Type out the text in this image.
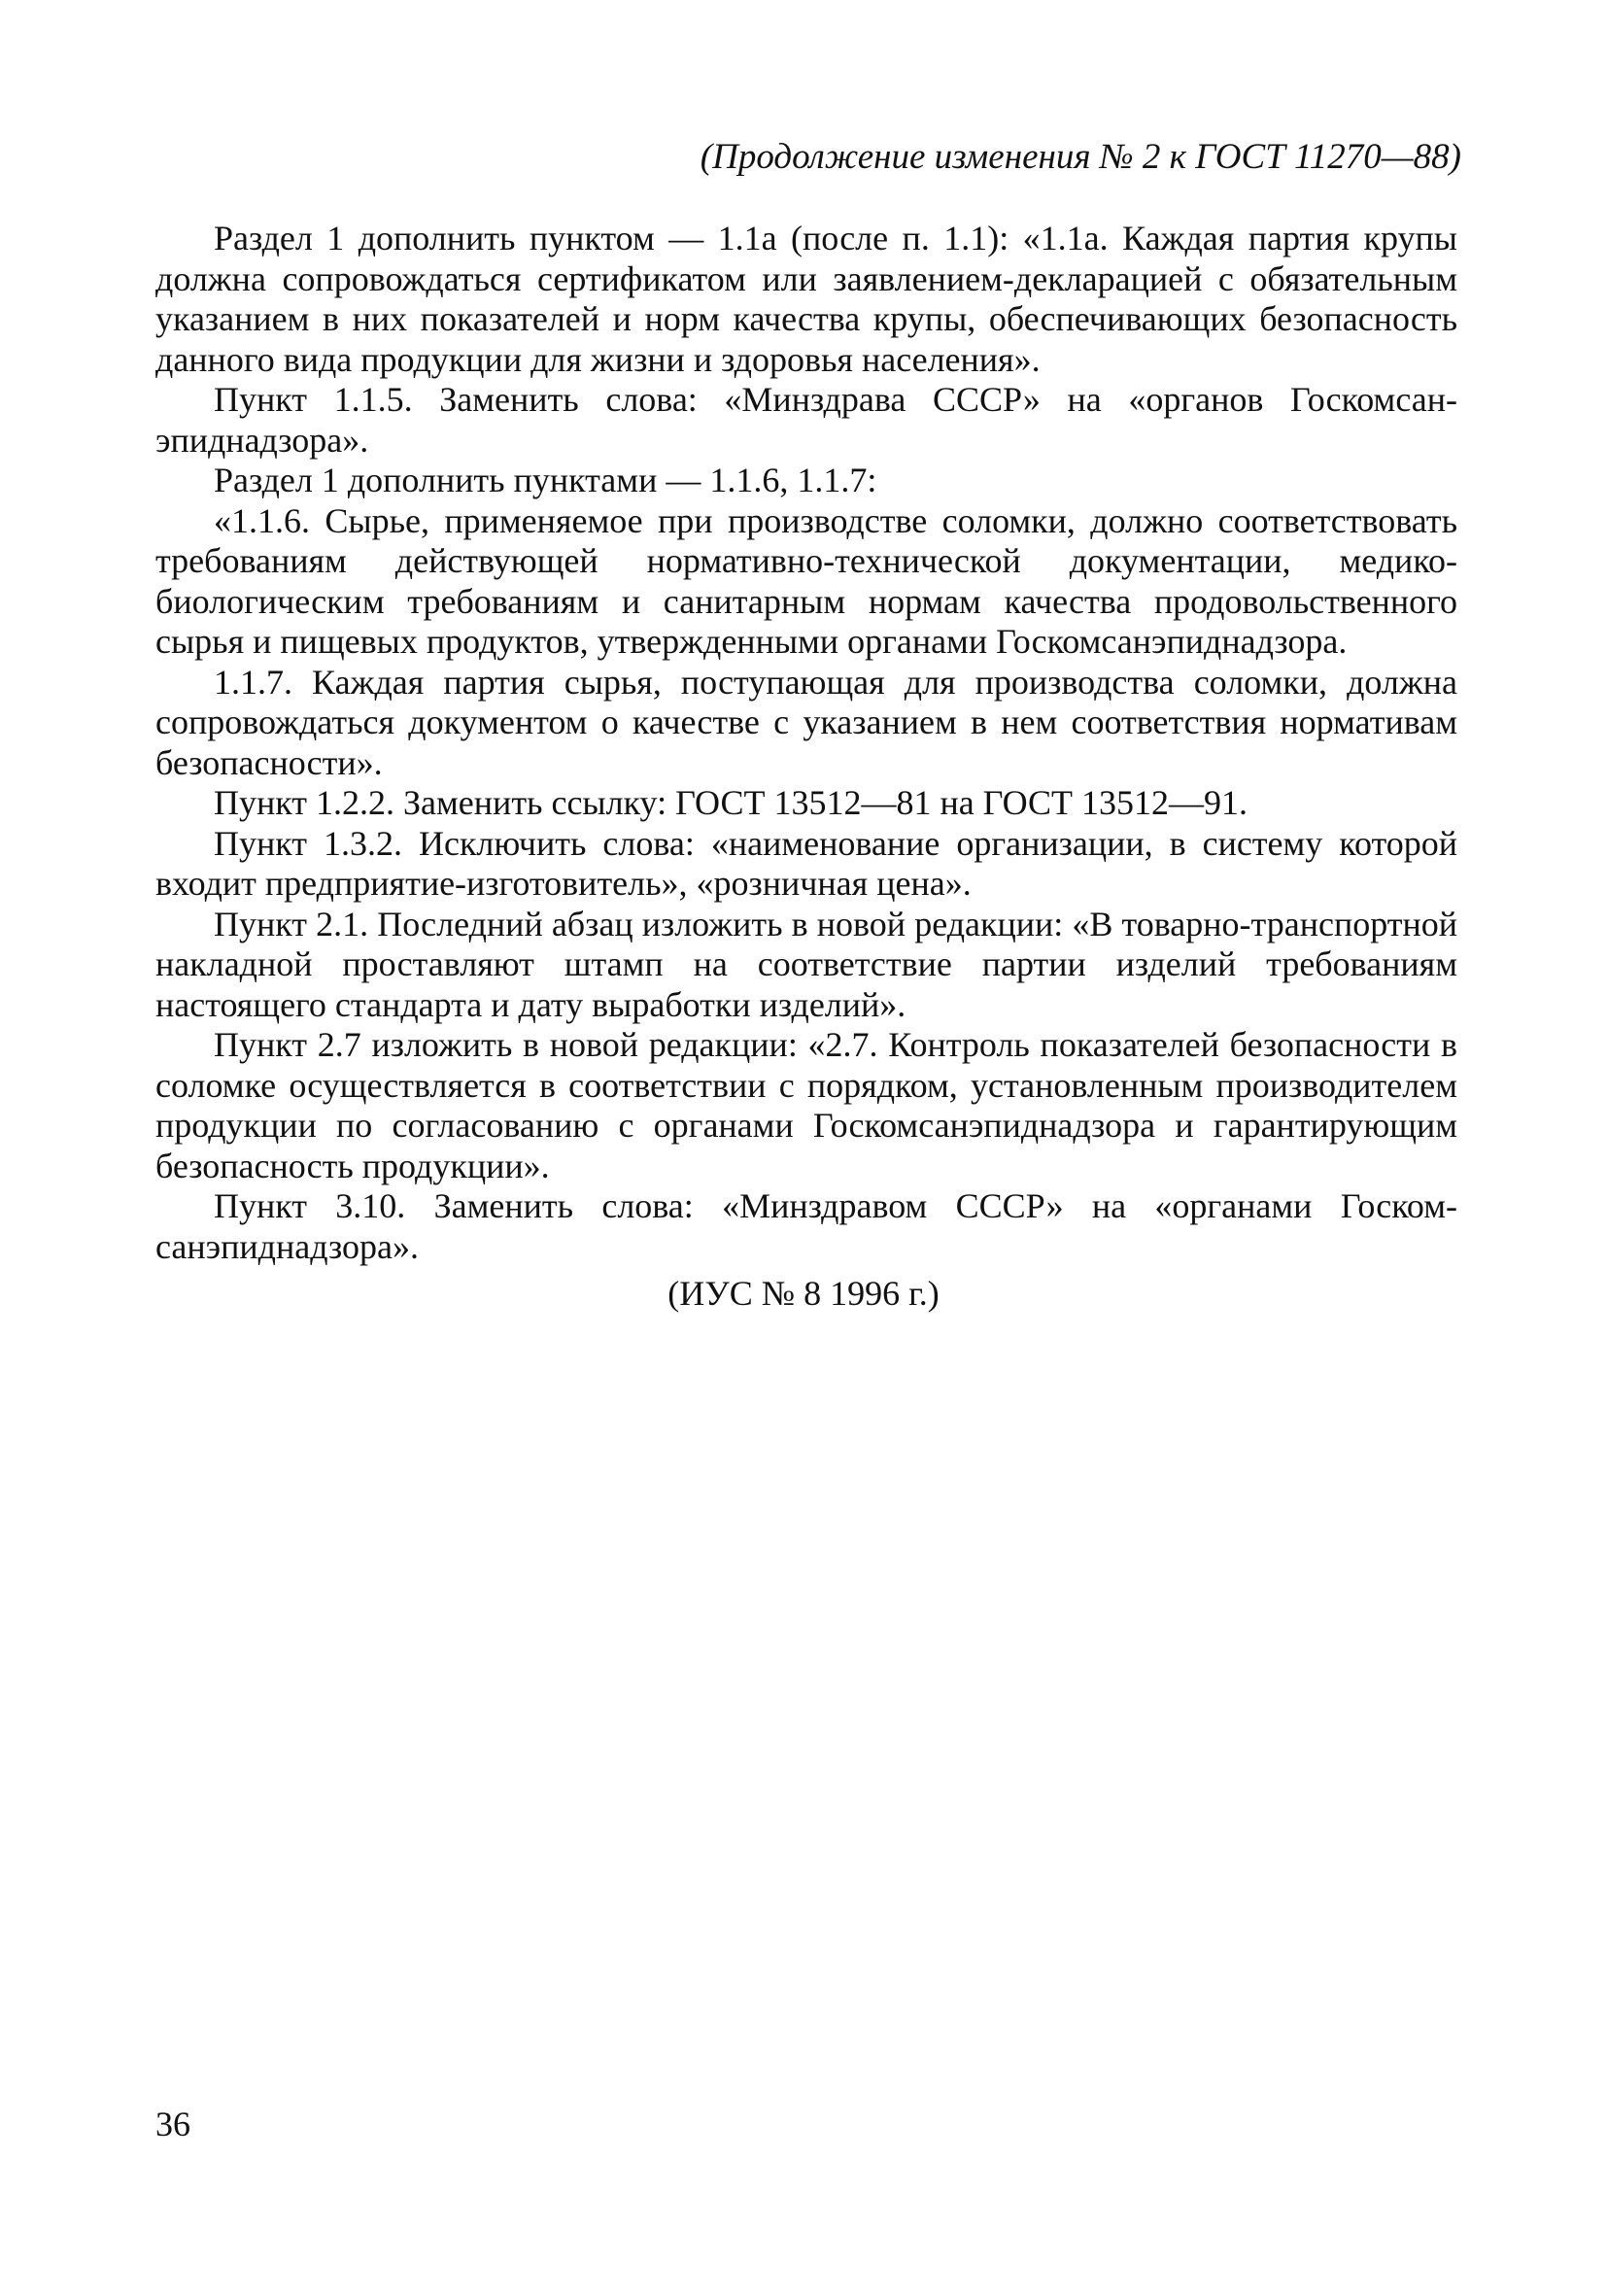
(Продолжение изменения № 2 к ГОСТ 11270—88)

Раздел 1 дополнить пунктом — 1.1а (после п. 1.1): «1.1а. Каждая партия крупы должна сопровождаться сертификатом или заявлением-декларацией с обязательным указанием в них показателей и норм качества крупы, обеспечивающих безопасность данного вида продукции для жизни и здоровья населения».

Пункт 1.1.5. Заменить слова: «Минздрава СССР» на «органов Госкомсанэпиднадзора».

Раздел 1 дополнить пунктами — 1.1.6, 1.1.7:

«1.1.6. Сырье, применяемое при производстве соломки, должно соответствовать требованиям действующей нормативно-технической документации, медикобиологическим требованиям и санитарным нормам качества продовольственного сырья и пищевых продуктов, утвержденными органами Госкомсанэпиднадзора.

1.1.7. Каждая партия сырья, поступающая для производства соломки, должна сопровождаться документом о качестве с указанием в нем соответствия нормативам безопасности».

Пункт 1.2.2. Заменить ссылку: ГОСТ 13512—81 на ГОСТ 13512—91.

Пункт 1.3.2. Исключить слова: «наименование организации, в систему которой входит предприятие-изготовитель», «розничная цена».

Пункт 2.1. Последний абзац изложить в новой редакции: «В товарно-транспортной накладной проставляют штамп на соответствие партии изделий требованиям настоящего стандарта и дату выработки изделий».

Пункт 2.7 изложить в новой редакции: «2.7. Контроль показателей безопасности в соломке осуществляется в соответствии с порядком, установленным производителем продукции по согласованию с органами Госкомсанэпиднадзора и гарантирующим безопасность продукции».

Пункт 3.10. Заменить слова: «Минздравом СССР» на «органами Госкомсанэпиднадзора».

(ИУС № 8 1996 г.)
36
